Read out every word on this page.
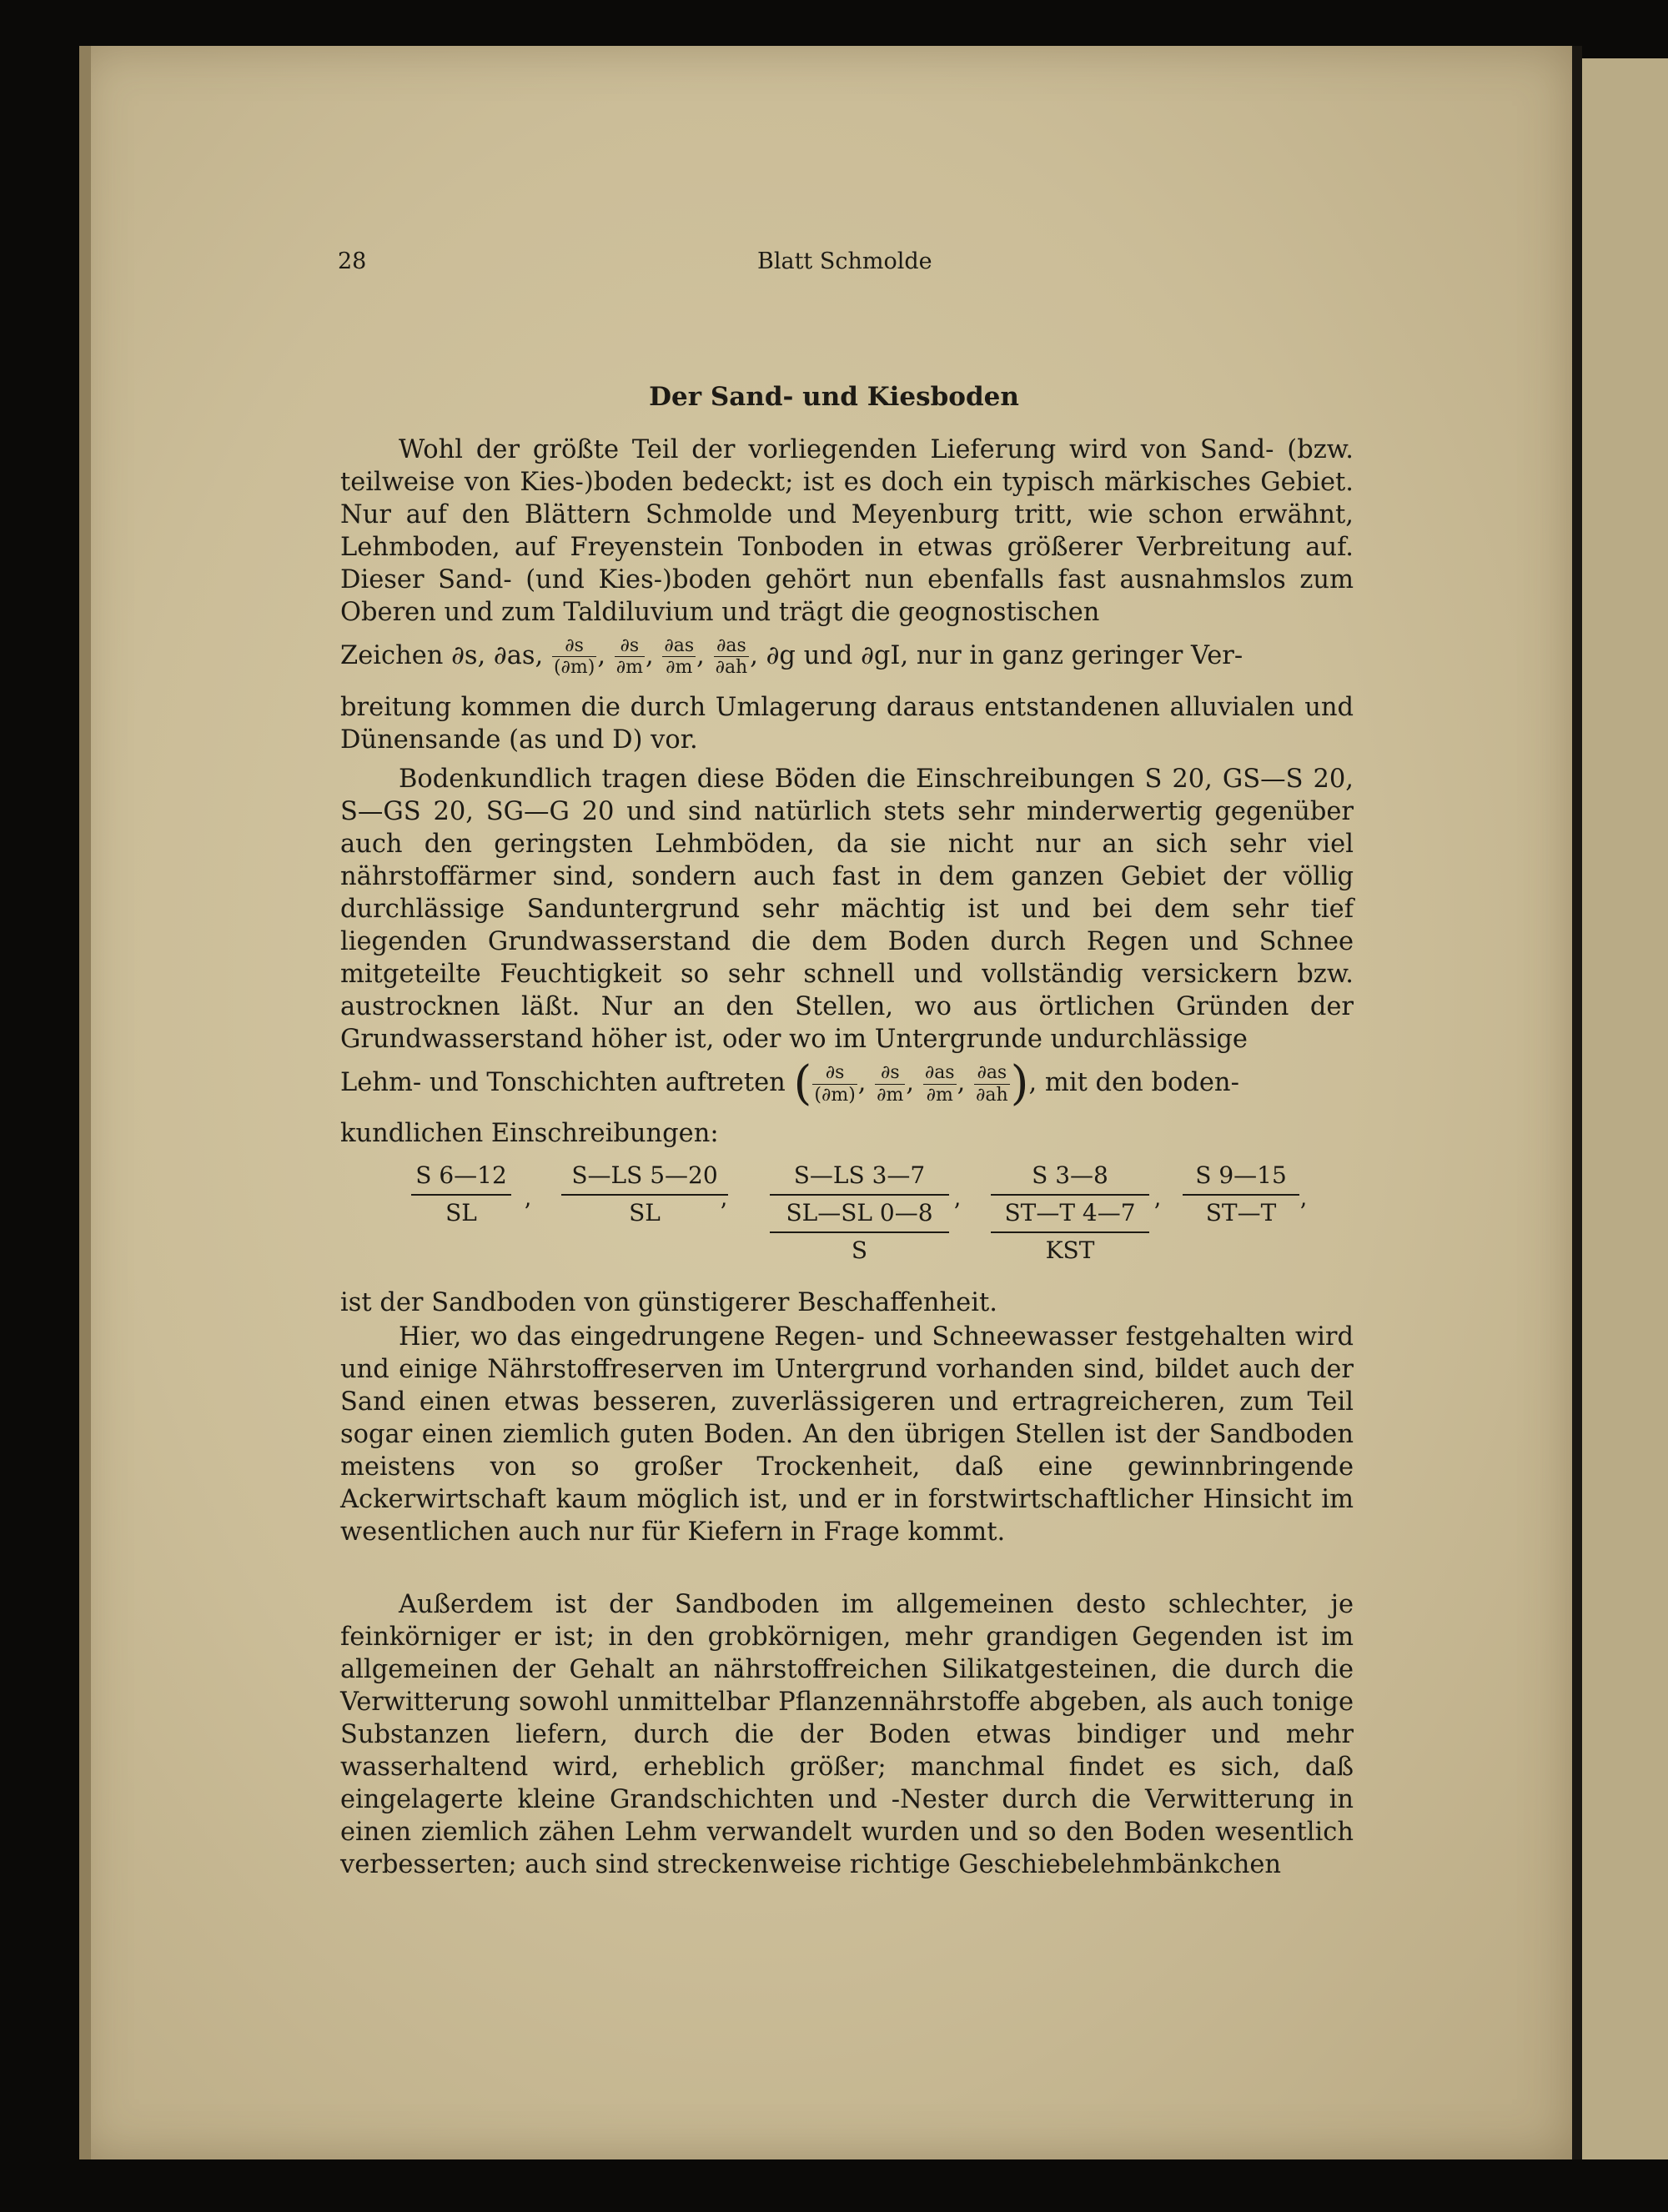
28	Blatt Schmolde
Der Sand- und Kiesboden
Wohl der größte Teil der vorliegenden Lieferung wird von Sand- (bzw. teilweise von Kies-)boden bedeckt; ist es doch ein typisch märkisches Gebiet. Nur auf den Blättern Schmolde und Meyenburg tritt, wie schon erwähnt, Lehmboden, auf Freyenstein Tonboden in etwas größerer Verbreitung auf. Dieser Sand- (und Kies-)boden gehört nun ebenfalls fast ausnahmslos zum Oberen und zum Taldiluvium und trägt die geognostischen
Zeichen ∂s, ∂as, $\frac{\partial s}{(\partial m)}$ , $\frac{\partial s}{\partial m}$ , $\frac{\partial as}{\partial m}$ , $\frac{\partial as}{\partial ah}$ , ∂g und ∂gI, nur in ganz geringer Ver-
breitung kommen die durch Umlagerung daraus entstandenen alluvialen und Dünensande (as und D) vor.
Bodenkundlich tragen diese Böden die Einschreibungen S 20, GS—S 20, S—GS 20, SG—G 20 und sind natürlich stets sehr minderwertig gegenüber auch den geringsten Lehmböden, da sie nicht nur an sich sehr viel nährstoffärmer sind, sondern auch fast in dem ganzen Gebiet der völlig durchlässige Sanduntergrund sehr mächtig ist und bei dem sehr tief liegenden Grundwasserstand die dem Boden durch Regen und Schnee mitgeteilte Feuchtigkeit so sehr schnell und vollständig versickern bzw. austrocknen läßt. Nur an den Stellen, wo aus örtlichen Gründen der Grundwasserstand höher ist, oder wo im Untergrunde undurchlässige
Lehm- und Tonschichten auftreten ( $\frac{\partial s}{(\partial m)}$ , $\frac{\partial s}{\partial m}$ , $\frac{\partial as}{\partial m}$ , $\frac{\partial as}{\partial ah}$ ), mit den boden-
kundlichen Einschreibungen:
S 6—12
SL	’
S—LS 5—20
SL	’
S—LS 3—7
SL—SL 0—8
S
’
S 3—8
ST—T 4—7
KST
’
S 9—15
ST—T ’
ist der Sandboden von günstigerer Beschaffenheit.
Hier, wo das eingedrungene Regen- und Schneewasser festgehalten wird und einige Nährstoffreserven im Untergrund vorhanden sind, bildet auch der Sand einen etwas besseren, zuverlässigeren und ertragreicheren, zum Teil sogar einen ziemlich guten Boden. An den übrigen Stellen ist der Sandboden meistens von so großer Trockenheit, daß eine gewinnbringende Ackerwirtschaft kaum möglich ist, und er in forstwirtschaftlicher Hinsicht im wesentlichen auch nur für Kiefern in Frage kommt.
Außerdem ist der Sandboden im allgemeinen desto schlechter, je feinkörniger er ist; in den grobkörnigen, mehr grandigen Gegenden ist im allgemeinen der Gehalt an nährstoffreichen Silikatgesteinen, die durch die Verwitterung sowohl unmittelbar Pflanzennährstoffe abgeben, als auch tonige Substanzen liefern, durch die der Boden etwas bindiger und mehr wasserhaltend wird, erheblich größer; manchmal findet es sich, daß eingelagerte kleine Grandschichten und -Nester durch die Verwitterung in einen ziemlich zähen Lehm verwandelt wurden und so den Boden wesentlich verbesserten; auch sind streckenweise richtige Geschiebelehmbänkchen
